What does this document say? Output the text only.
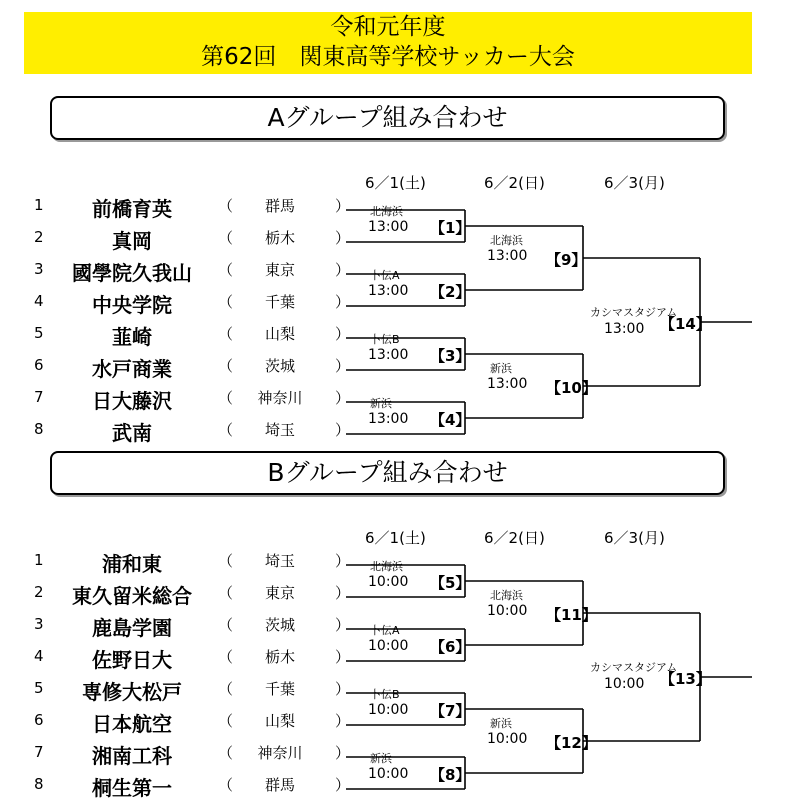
令和元年度
第62回　関東高等学校サッカー大会
Aグループ組み合わせ
6／1(土)	6／2(日)	6／3(月)
1	前橋育英	（	群馬	）
2	真岡	（	栃木	）
3	國學院久我山	（	東京	）
4	中央学院	（	千葉	）
5	韮崎	（	山梨	）
6	水戸商業	（	茨城	）
7	日大藤沢	（	神奈川	）
8	武南	（	埼玉	）
北海浜
13:00 【1】
卜伝A
13:00 【2】
卜伝B
13:00 【3】
新浜
13:00 【4】
北海浜
13:00 【9】
新浜
13:00 【10】
カシマスタジアム
13:00 【14】
Bグループ組み合わせ
6／1(土)	6／2(日)	6／3(月)
1	浦和東	（	埼玉	）
2	東久留米総合	（	東京	）
3	鹿島学園	（	茨城	）
4	佐野日大	（	栃木	）
5	専修大松戸	（	千葉	）
6	日本航空	（	山梨	）
7	湘南工科	（	神奈川	）
8	桐生第一	（	群馬	）
北海浜
10:00 【5】
卜伝A
10:00 【6】
卜伝B
10:00 【7】
新浜
10:00 【8】
北海浜
10:00 【11】
新浜
10:00 【12】
カシマスタジアム
10:00 【13】
